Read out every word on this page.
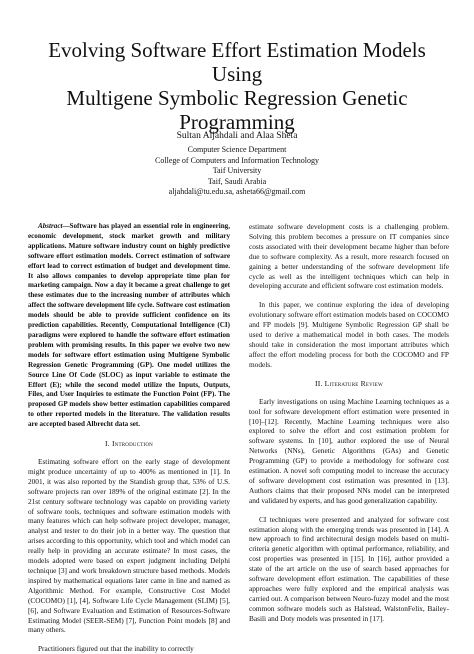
Evolving Software Effort Estimation Models Using
Multigene Symbolic Regression Genetic
Programming
Sultan Aljahdali and Alaa Sheta
Computer Science Department
College of Computers and Information Technology
Taif University
Taif, Saudi Arabia
aljahdali@tu.edu.sa, asheta66@gmail.com

Abstract—Software has played an essential role in engineering, economic development, stock market growth and military applications. Mature software industry count on highly predictive software effort estimation models. Correct estimation of software effort lead to correct estimation of budget and development time. It also allows companies to develop appropriate time plan for marketing campaign. Now a day it became a great challenge to get these estimates due to the increasing number of attributes which affect the software development life cycle. Software cost estimation models should be able to provide sufficient confidence on its prediction capabilities. Recently, Computational Intelligence (CI) paradigms were explored to handle the software effort estimation problem with promising results. In this paper we evolve two new models for software effort estimation using Multigene Symbolic Regression Genetic Programming (GP). One model utilizes the Source Line Of Code (SLOC) as input variable to estimate the Effort (E); while the second model utilize the Inputs, Outputs, Files, and User Inquiries to estimate the Function Point (FP). The proposed GP models show better estimation capabilities compared to other reported models in the literature. The validation results are accepted based Albrecht data set.

I. Introduction

Estimating software effort on the early stage of development might produce uncertainty of up to 400% as mentioned in [1]. In 2001, it was also reported by the Standish group that, 53% of U.S. software projects ran over 189% of the original estimate [2]. In the 21st century software technology was capable on providing variety of software tools, techniques and software estimation models with many features which can help software project developer, manager, analyst and tester to do their job in a better way. The question that arises according to this opportunity, which tool and which model can really help in providing an accurate estimate? In most cases, the models adopted were based on expert judgment including Delphi technique [3] and work breakdown structure based methods. Models inspired by mathematical equations later came in line and named as Algorithmic Method. For example, Constructive Cost Model (COCOMO) [1], [4], Software Life Cycle Management (SLIM) [5], [6], and Software Evaluation and Estimation of Resources-Software Estimating Model (SEER-SEM) [7], Function Point models [8] and many others.

Practitioners figured out that the inability to correctly

estimate software development costs is a challenging problem. Solving this problem becomes a pressure on IT companies since costs associated with their development became higher than before due to software complexity. As a result, more research focused on gaining a better understanding of the software development life cycle as well as the intelligent techniques which can help in developing accurate and efficient software cost estimation models.

In this paper, we continue exploring the idea of developing evolutionary software effort estimation models based on COCOMO and FP models [9]. Multigene Symbolic Regression GP shall be used to derive a mathematical model in both cases. The models should take in consideration the most important attributes which affect the effort modeling process for both the COCOMO and FP models.

II. Literature Review

Early investigations on using Machine Learning techniques as a tool for software development effort estimation were presented in [10]–[12]. Recently, Machine Learning techniques were also explored to solve the effort and cost estimation problem for software systems. In [10], author explored the use of Neural Networks (NNs), Genetic Algorithms (GAs) and Genetic Programming (GP) to provide a methodology for software cost estimation. A novel soft computing model to increase the accuracy of software development cost estimation was presented in [13]. Authors claims that their proposed NNs model can be interpreted and validated by experts, and has good generalization capability.

CI techniques were presented and analyzed for software cost estimation along with the emerging trends was presented in [14]. A new approach to find architectural design models based on multi-criteria genetic algorithm with optimal performance, reliability, and cost properties was presented in [15]. In [16], author provided a state of the art article on the use of search based approaches for software development effort estimation. The capabilities of these approaches were fully explored and the empirical analysis was carried out. A comparison between Neuro-fuzzy model and the most common software models such as Halstead, WalstonFelix, Bailey-Basili and Doty models was presented in [17].
